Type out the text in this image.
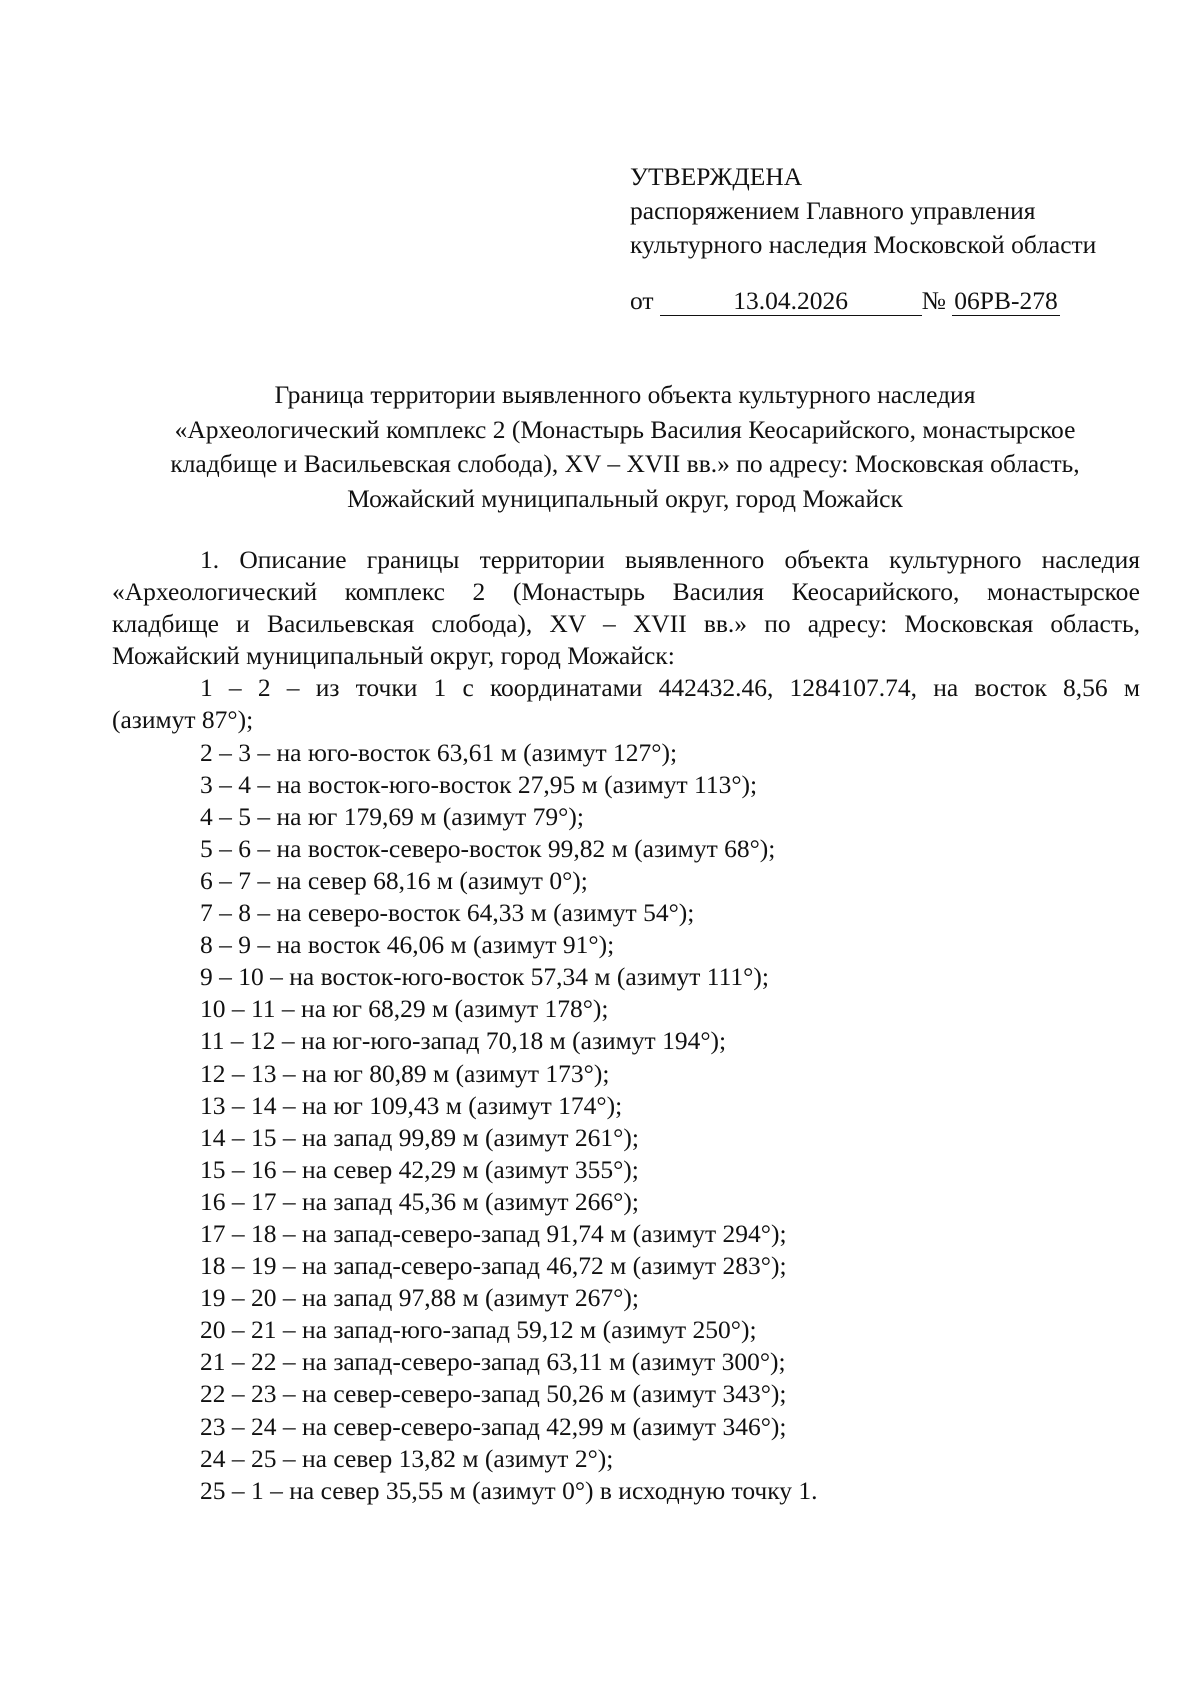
УТВЕРЖДЕНА
распоряжением Главного управления
культурного наследия Московской области
от	13.04.2026	№ 06РВ-278
Граница территории выявленного объекта культурного наследия
«Археологический комплекс 2 (Монастырь Василия Кеосарийского, монастырское
кладбище и Васильевская слобода), XV – XVII вв.» по адресу: Московская область,
Можайский муниципальный округ, город Можайск
1. Описание границы территории выявленного объекта культурного наследия
«Археологический комплекс 2 (Монастырь Василия Кеосарийского, монастырское
кладбище и Васильевская слобода), XV – XVII вв.» по адресу: Московская область,
Можайский муниципальный округ, город Можайск:
1 – 2 – из точки 1 с координатами 442432.46, 1284107.74, на восток 8,56 м
(азимут 87°);
2 – 3 – на юго-восток 63,61 м (азимут 127°);
3 – 4 – на восток-юго-восток 27,95 м (азимут 113°);
4 – 5 – на юг 179,69 м (азимут 79°);
5 – 6 – на восток-северо-восток 99,82 м (азимут 68°);
6 – 7 – на север 68,16 м (азимут 0°);
7 – 8 – на северо-восток 64,33 м (азимут 54°);
8 – 9 – на восток 46,06 м (азимут 91°);
9 – 10 – на восток-юго-восток 57,34 м (азимут 111°);
10 – 11 – на юг 68,29 м (азимут 178°);
11 – 12 – на юг-юго-запад 70,18 м (азимут 194°);
12 – 13 – на юг 80,89 м (азимут 173°);
13 – 14 – на юг 109,43 м (азимут 174°);
14 – 15 – на запад 99,89 м (азимут 261°);
15 – 16 – на север 42,29 м (азимут 355°);
16 – 17 – на запад 45,36 м (азимут 266°);
17 – 18 – на запад-северо-запад 91,74 м (азимут 294°);
18 – 19 – на запад-северо-запад 46,72 м (азимут 283°);
19 – 20 – на запад 97,88 м (азимут 267°);
20 – 21 – на запад-юго-запад 59,12 м (азимут 250°);
21 – 22 – на запад-северо-запад 63,11 м (азимут 300°);
22 – 23 – на север-северо-запад 50,26 м (азимут 343°);
23 – 24 – на север-северо-запад 42,99 м (азимут 346°);
24 – 25 – на север 13,82 м (азимут 2°);
25 – 1 – на север 35,55 м (азимут 0°) в исходную точку 1.
